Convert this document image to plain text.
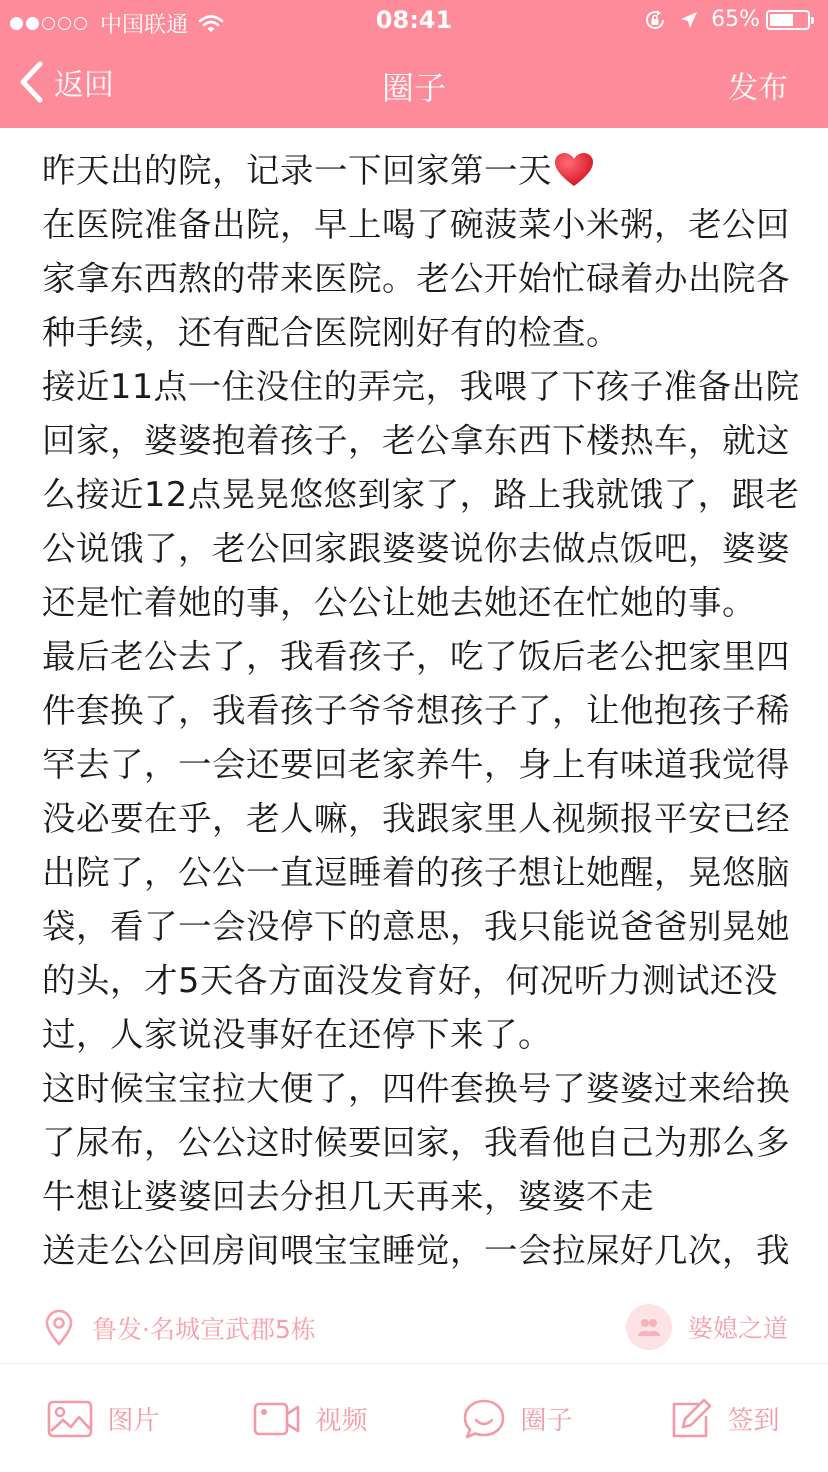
中国联通	08:41	65%
返回	圈子	发布

昨天出的院，记录一下回家第一天

在医院准备出院，早上喝了碗菠菜小米粥，老公回家拿东西熬的带来医院。老公开始忙碌着办出院各种手续，还有配合医院刚好有的检查。

接近11点一住没住的弄完，我喂了下孩子准备出院回家，婆婆抱着孩子，老公拿东西下楼热车，就这么接近12点晃晃悠悠到家了，路上我就饿了，跟老公说饿了，老公回家跟婆婆说你去做点饭吧，婆婆还是忙着她的事，公公让她去她还在忙她的事。

最后老公去了，我看孩子，吃了饭后老公把家里四件套换了，我看孩子爷爷想孩子了，让他抱孩子稀罕去了，一会还要回老家养牛，身上有味道我觉得没必要在乎，老人嘛，我跟家里人视频报平安已经出院了，公公一直逗睡着的孩子想让她醒，晃悠脑袋，看了一会没停下的意思，我只能说爸爸别晃她的头，才5天各方面没发育好，何况听力测试还没过，人家说没事好在还停下来了。

这时候宝宝拉大便了，四件套换号了婆婆过来给换了尿布，公公这时候要回家，我看他自己为那么多牛想让婆婆回去分担几天再来，婆婆不走

送走公公回房间喂宝宝睡觉，一会拉屎好几次，我

鲁发·名城宣武郡5栋	婆媳之道
图片	视频	圈子	签到
